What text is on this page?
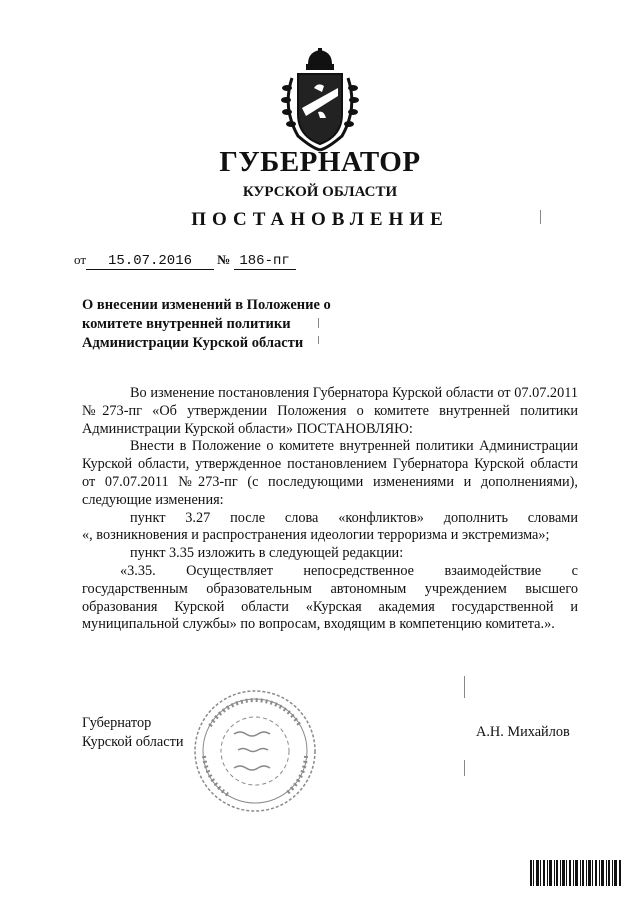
ГУБЕРНАТОР
КУРСКОЙ ОБЛАСТИ
ПОСТАНОВЛЕНИЕ
от 15.07.2016 № 186-пг
О внесении изменений в Положение о
комитете внутренней политики
Администрации Курской области

Во изменение постановления Губернатора Курской области от 07.07.2011 №273-пг «Об утверждении Положения о комитете внутренней политики Администрации Курской области» ПОСТАНОВЛЯЮ:

Внести в Положение о комитете внутренней политики Администрации Курской области, утвержденное постановлением Губернатора Курской области от 07.07.2011 №273-пг (с последующими изменениями и дополнениями), следующие изменения:

пункт 3.27 после слова «конфликтов» дополнить словами

«, возникновения и распространения идеологии терроризма и экстремизма»;

пункт 3.35 изложить в следующей редакции:

«3.35. Осуществляет непосредственное взаимодействие с государственным образовательным автономным учреждением высшего образования Курской области «Курская академия государственной и муниципальной службы» по вопросам, входящим в компетенцию комитета.».

Губернатор
Курской области
А.Н. Михайлов
